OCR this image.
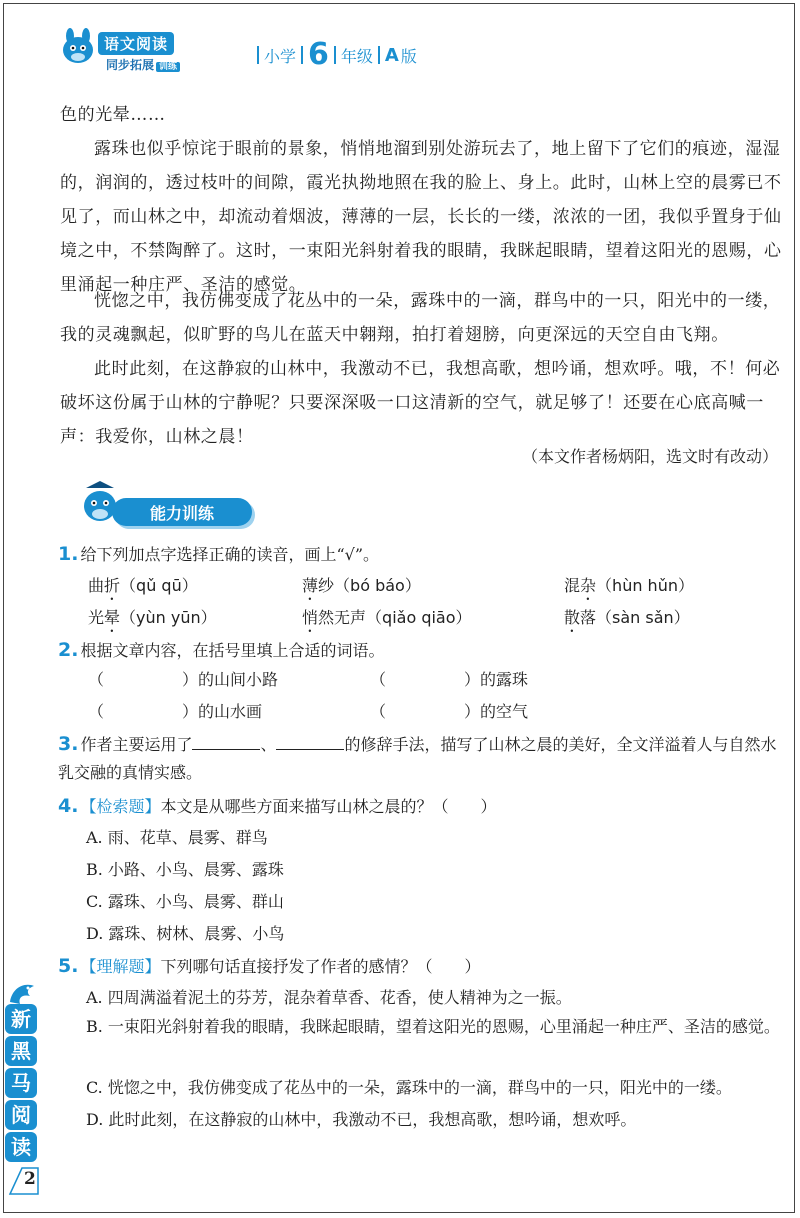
语文阅读
同步拓展 训练
小学 6 年级 A 版

色的光晕……

露珠也似乎惊诧于眼前的景象，悄悄地溜到别处游玩去了，地上留下了它们的痕迹，湿湿的，润润的，透过枝叶的间隙，霞光执拗地照在我的脸上、身上。此时，山林上空的晨雾已不见了，而山林之中，却流动着烟波，薄薄的一层，长长的一缕，浓浓的一团，我似乎置身于仙境之中，不禁陶醉了。这时，一束阳光斜射着我的眼睛，我眯起眼睛，望着这阳光的恩赐，心里涌起一种庄严、圣洁的感觉。

恍惚之中，我仿佛变成了花丛中的一朵，露珠中的一滴，群鸟中的一只，阳光中的一缕，我的灵魂飘起，似旷野的鸟儿在蓝天中翱翔，拍打着翅膀，向更深远的天空自由飞翔。

此时此刻，在这静寂的山林中，我激动不已，我想高歌，想吟诵，想欢呼。哦，不！何必破坏这份属于山林的宁静呢？只要深深吸一口这清新的空气，就足够了！还要在心底高喊一声：我爱你，山林之晨！

（本文作者杨炳阳，选文时有改动）
能力训练

1. 给下列加点字选择正确的读音，画上“√”。

曲折（qǔ qū）	薄纱（bó báo）	混杂（hùn hǔn）
光晕（yùn yūn）	悄然无声（qiǎo qiāo）	散落（sàn sǎn）

2. 根据文章内容，在括号里填上合适的词语。

（	）的山间小路	（	）的露珠
（	）的山水画	（	）的空气

3. 作者主要运用了	、	的修辞手法，描写了山林之晨的美好，全文洋溢着人与自然水乳交融的真情实感。

4. 【检索题】本文是从哪些方面来描写山林之晨的？（　　）

A. 雨、花草、晨雾、群鸟

B. 小路、小鸟、晨雾、露珠

C. 露珠、小鸟、晨雾、群山

D. 露珠、树林、晨雾、小鸟

5. 【理解题】下列哪句话直接抒发了作者的感情？（　　）

A. 四周满溢着泥土的芬芳，混杂着草香、花香，使人精神为之一振。

B. 一束阳光斜射着我的眼睛，我眯起眼睛，望着这阳光的恩赐，心里涌起一种庄严、圣洁的感觉。

C. 恍惚之中，我仿佛变成了花丛中的一朵，露珠中的一滴，群鸟中的一只，阳光中的一缕。

D. 此时此刻，在这静寂的山林中，我激动不已，我想高歌，想吟诵，想欢呼。

新
黑
马
阅
读
2
